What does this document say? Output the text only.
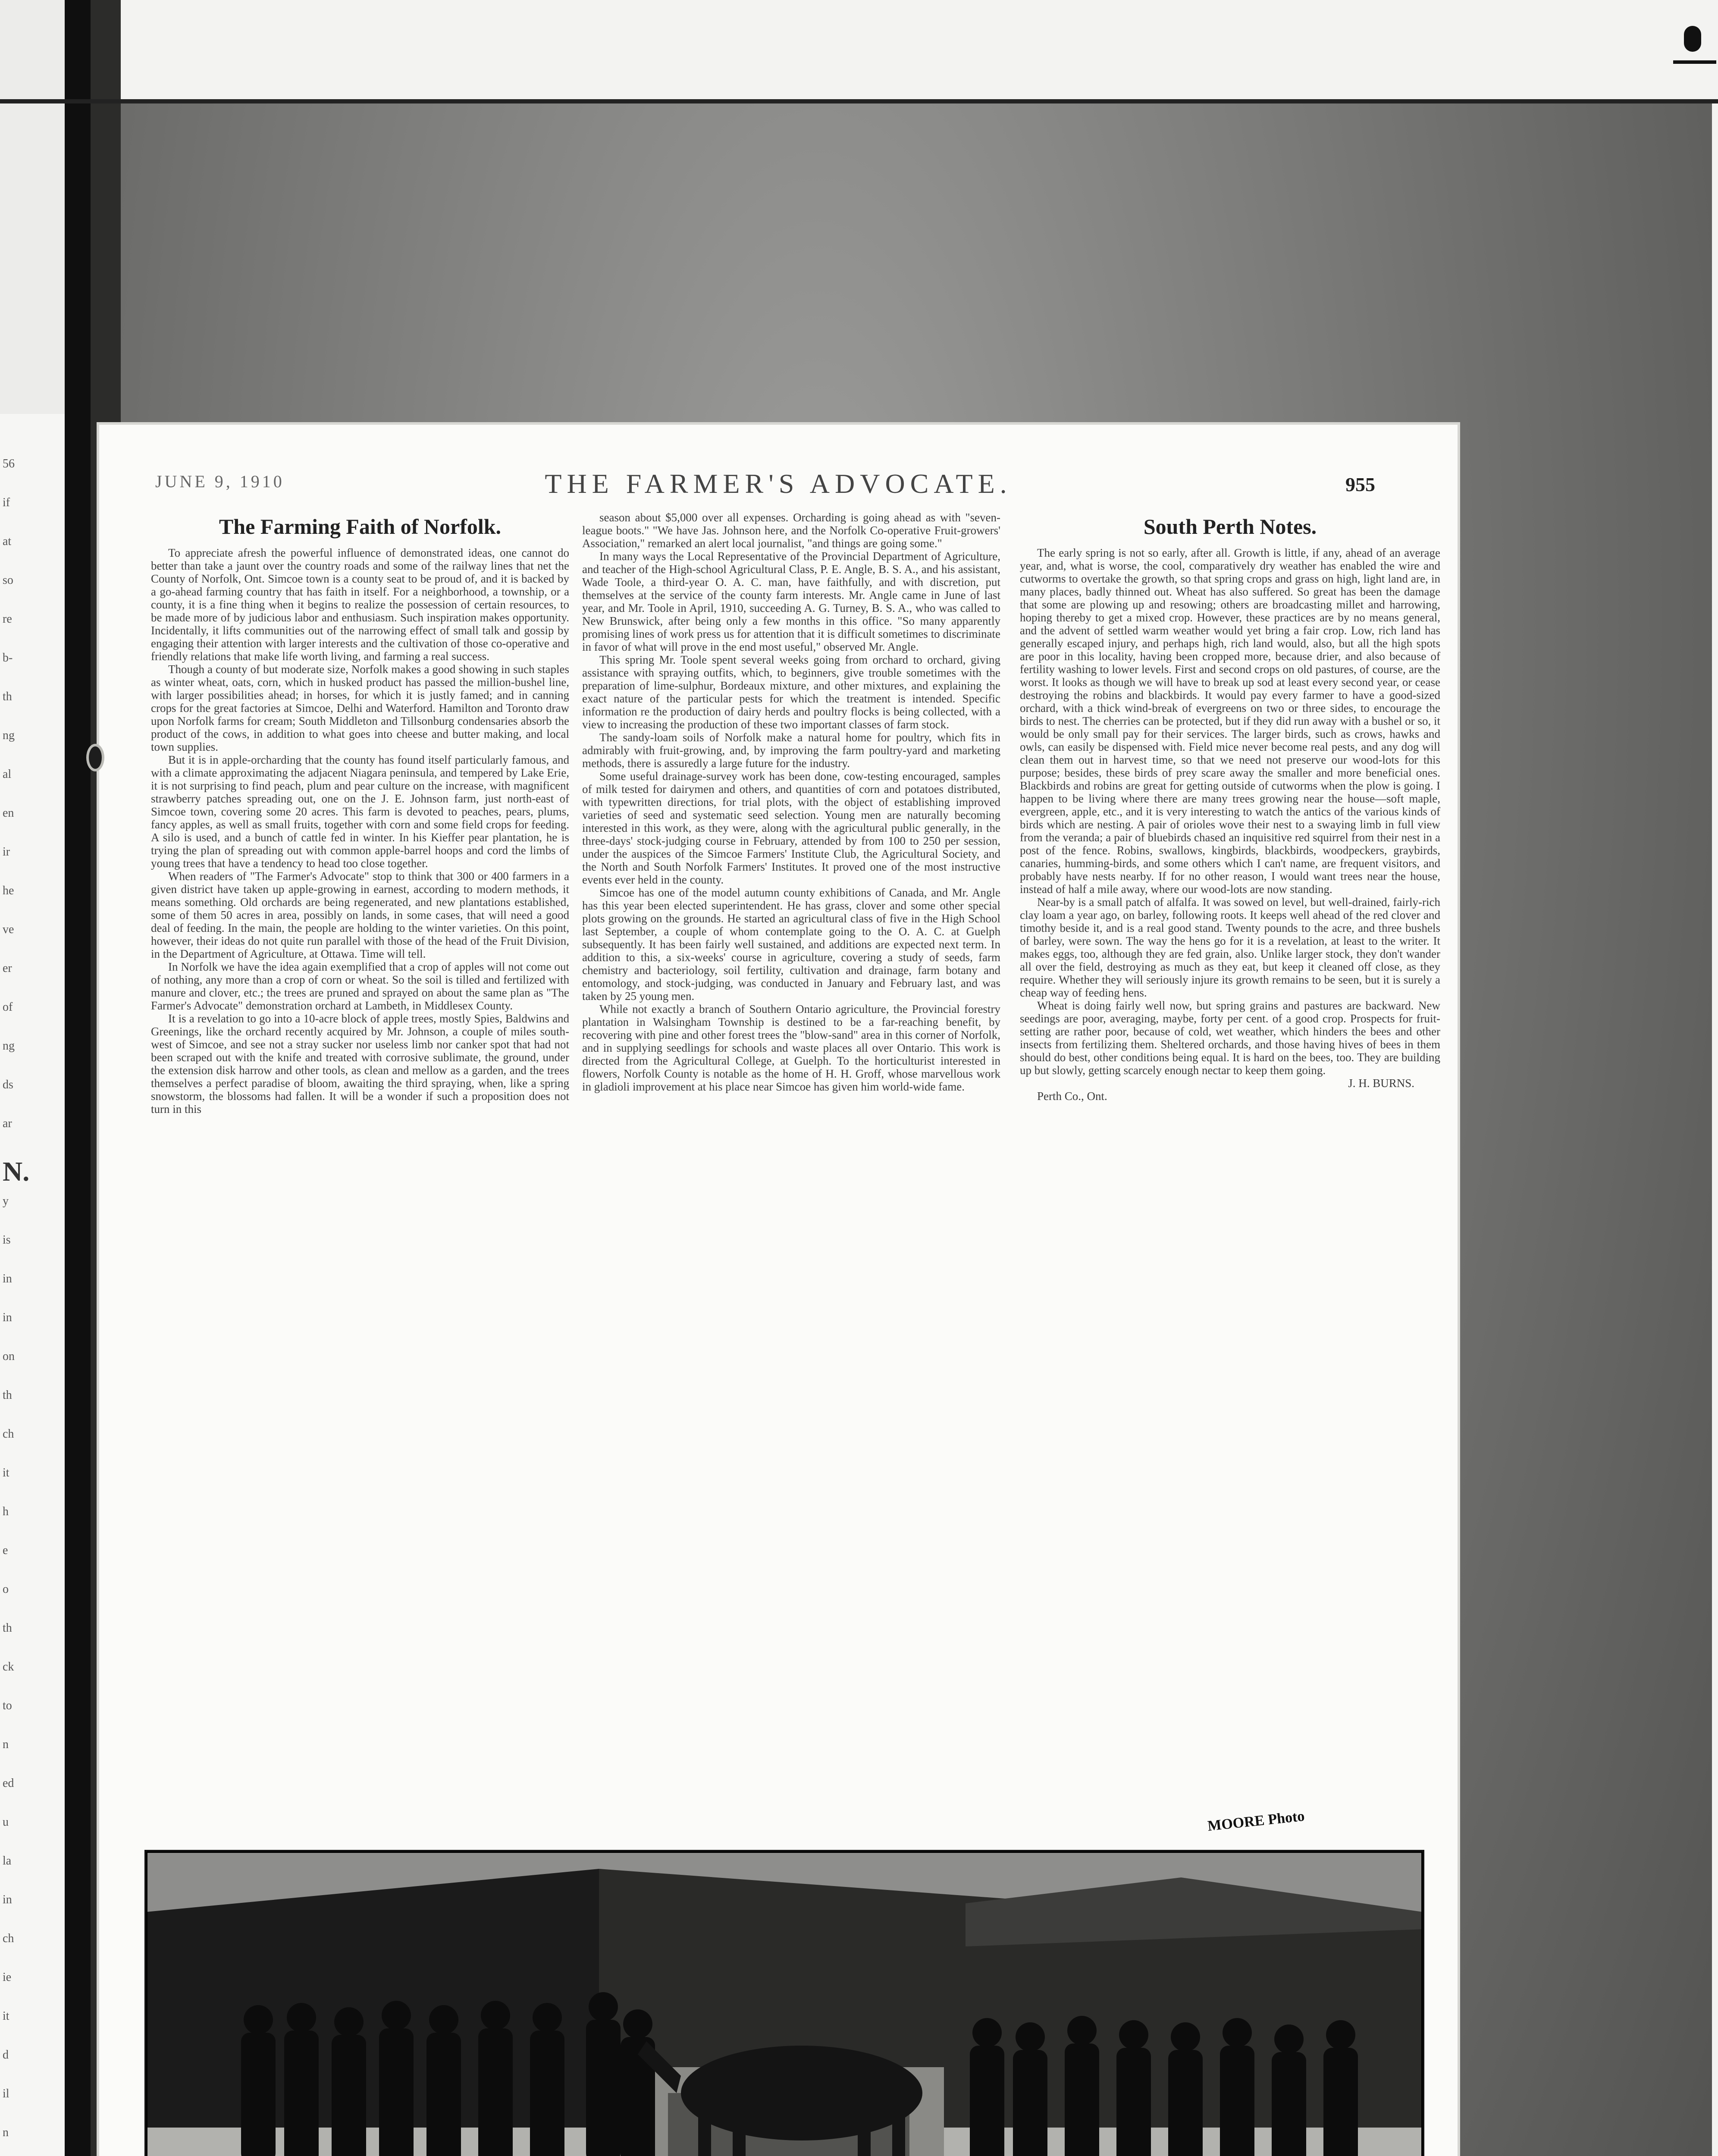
56
if
at
so
re
b-
th
ng
al
en
ir
he
ve
er
of
ng
ds
ar
N.
y
is
in
in
on
th
ch
it
h
e
o
th
ck
to
n
ed
u
la
in
ch
ie
it
d
il
n
JUNE 9, 1910	THE FARMER'S ADVOCATE.	955
The Farming Faith of Norfolk.

To appreciate afresh the powerful influence of demonstrated ideas, one cannot do better than take a jaunt over the country roads and some of the railway lines that net the County of Norfolk, Ont. Simcoe town is a county seat to be proud of, and it is backed by a go-ahead farming country that has faith in itself. For a neighborhood, a township, or a county, it is a fine thing when it begins to realize the possession of certain resources, to be made more of by judicious labor and enthusiasm. Such inspiration makes opportunity. Incidentally, it lifts communities out of the narrowing effect of small talk and gossip by engaging their attention with larger interests and the cultivation of those co-operative and friendly relations that make life worth living, and farming a real success.

Though a county of but moderate size, Norfolk makes a good showing in such staples as winter wheat, oats, corn, which in husked product has passed the million-bushel line, with larger possibilities ahead; in horses, for which it is justly famed; and in canning crops for the great factories at Simcoe, Delhi and Waterford. Hamilton and Toronto draw upon Norfolk farms for cream; South Middleton and Tillsonburg condensaries absorb the product of the cows, in addition to what goes into cheese and butter making, and local town supplies.

But it is in apple-orcharding that the county has found itself particularly famous, and with a climate approximating the adjacent Niagara peninsula, and tempered by Lake Erie, it is not surprising to find peach, plum and pear culture on the increase, with magnificent strawberry patches spreading out, one on the J. E. Johnson farm, just north-east of Simcoe town, covering some 20 acres. This farm is devoted to peaches, pears, plums, fancy apples, as well as small fruits, together with corn and some field crops for feeding. A silo is used, and a bunch of cattle fed in winter. In his Kieffer pear plantation, he is trying the plan of spreading out with common apple-barrel hoops and cord the limbs of young trees that have a tendency to head too close together.

When readers of "The Farmer's Advocate" stop to think that 300 or 400 farmers in a given district have taken up apple-growing in earnest, according to modern methods, it means something. Old orchards are being regenerated, and new plantations established, some of them 50 acres in area, possibly on lands, in some cases, that will need a good deal of feeding. In the main, the people are holding to the winter varieties. On this point, however, their ideas do not quite run parallel with those of the head of the Fruit Division, in the Department of Agriculture, at Ottawa. Time will tell.

In Norfolk we have the idea again exemplified that a crop of apples will not come out of nothing, any more than a crop of corn or wheat. So the soil is tilled and fertilized with manure and clover, etc.; the trees are pruned and sprayed on about the same plan as "The Farmer's Advocate" demonstration orchard at Lambeth, in Middlesex County.

It is a revelation to go into a 10-acre block of apple trees, mostly Spies, Baldwins and Greenings, like the orchard recently acquired by Mr. Johnson, a couple of miles south-west of Simcoe, and see not a stray sucker nor useless limb nor canker spot that had not been scraped out with the knife and treated with corrosive sublimate, the ground, under the extension disk harrow and other tools, as clean and mellow as a garden, and the trees themselves a perfect paradise of bloom, awaiting the third spraying, when, like a spring snowstorm, the blossoms had fallen. It will be a wonder if such a proposition does not turn in this

season about $5,000 over all expenses. Orcharding is going ahead as with "seven-league boots." "We have Jas. Johnson here, and the Norfolk Co-operative Fruit-growers' Association," remarked an alert local journalist, "and things are going some."

In many ways the Local Representative of the Provincial Department of Agriculture, and teacher of the High-school Agricultural Class, P. E. Angle, B. S. A., and his assistant, Wade Toole, a third-year O. A. C. man, have faithfully, and with discretion, put themselves at the service of the county farm interests. Mr. Angle came in June of last year, and Mr. Toole in April, 1910, succeeding A. G. Turney, B. S. A., who was called to New Brunswick, after being only a few months in this office. "So many apparently promising lines of work press us for attention that it is difficult sometimes to discriminate in favor of what will prove in the end most useful," observed Mr. Angle.

This spring Mr. Toole spent several weeks going from orchard to orchard, giving assistance with spraying outfits, which, to beginners, give trouble sometimes with the preparation of lime-sulphur, Bordeaux mixture, and other mixtures, and explaining the exact nature of the particular pests for which the treatment is intended. Specific information re the production of dairy herds and poultry flocks is being collected, with a view to increasing the production of these two important classes of farm stock.

The sandy-loam soils of Norfolk make a natural home for poultry, which fits in admirably with fruit-growing, and, by improving the farm poultry-yard and marketing methods, there is assuredly a large future for the industry.

Some useful drainage-survey work has been done, cow-testing encouraged, samples of milk tested for dairymen and others, and quantities of corn and potatoes distributed, with typewritten directions, for trial plots, with the object of establishing improved varieties of seed and systematic seed selection. Young men are naturally becoming interested in this work, as they were, along with the agricultural public generally, in the three-days' stock-judging course in February, attended by from 100 to 250 per session, under the auspices of the Simcoe Farmers' Institute Club, the Agricultural Society, and the North and South Norfolk Farmers' Institutes. It proved one of the most instructive events ever held in the county.

Simcoe has one of the model autumn county exhibitions of Canada, and Mr. Angle has this year been elected superintendent. He has grass, clover and some other special plots growing on the grounds. He started an agricultural class of five in the High School last September, a couple of whom contemplate going to the O. A. C. at Guelph subsequently. It has been fairly well sustained, and additions are expected next term. In addition to this, a six-weeks' course in agriculture, covering a study of seeds, farm chemistry and bacteriology, soil fertility, cultivation and drainage, farm botany and entomology, and stock-judging, was conducted in January and February last, and was taken by 25 young men.

While not exactly a branch of Southern Ontario agriculture, the Provincial forestry plantation in Walsingham Township is destined to be a far-reaching benefit, by recovering with pine and other forest trees the "blow-sand" area in this corner of Norfolk, and in supplying seedlings for schools and waste places all over Ontario. This work is directed from the Agricultural College, at Guelph. To the horticulturist interested in flowers, Norfolk County is notable as the home of H. H. Groff, whose marvellous work in gladioli improvement at his place near Simcoe has given him world-wide fame.

South Perth Notes.

The early spring is not so early, after all. Growth is little, if any, ahead of an average year, and, what is worse, the cool, comparatively dry weather has enabled the wire and cutworms to overtake the growth, so that spring crops and grass on high, light land are, in many places, badly thinned out. Wheat has also suffered. So great has been the damage that some are plowing up and resowing; others are broadcasting millet and harrowing, hoping thereby to get a mixed crop. However, these practices are by no means general, and the advent of settled warm weather would yet bring a fair crop. Low, rich land has generally escaped injury, and perhaps high, rich land would, also, but all the high spots are poor in this locality, having been cropped more, because drier, and also because of fertility washing to lower levels. First and second crops on old pastures, of course, are the worst. It looks as though we will have to break up sod at least every second year, or cease destroying the robins and blackbirds. It would pay every farmer to have a good-sized orchard, with a thick wind-break of evergreens on two or three sides, to encourage the birds to nest. The cherries can be protected, but if they did run away with a bushel or so, it would be only small pay for their services. The larger birds, such as crows, hawks and owls, can easily be dispensed with. Field mice never become real pests, and any dog will clean them out in harvest time, so that we need not preserve our wood-lots for this purpose; besides, these birds of prey scare away the smaller and more beneficial ones. Blackbirds and robins are great for getting outside of cutworms when the plow is going. I happen to be living where there are many trees growing near the house—soft maple, evergreen, apple, etc., and it is very interesting to watch the antics of the various kinds of birds which are nesting. A pair of orioles wove their nest to a swaying limb in full view from the veranda; a pair of bluebirds chased an inquisitive red squirrel from their nest in a post of the fence. Robins, swallows, kingbirds, blackbirds, woodpeckers, graybirds, canaries, humming-birds, and some others which I can't name, are frequent visitors, and probably have nests nearby. If for no other reason, I would want trees near the house, instead of half a mile away, where our wood-lots are now standing.

Near-by is a small patch of alfalfa. It was sowed on level, but well-drained, fairly-rich clay loam a year ago, on barley, following roots. It keeps well ahead of the red clover and timothy beside it, and is a real good stand. Twenty pounds to the acre, and three bushels of barley, were sown. The way the hens go for it is a revelation, at least to the writer. It makes eggs, too, although they are fed grain, also. Unlike larger stock, they don't wander all over the field, destroying as much as they eat, but keep it cleaned off close, as they require. Whether they will seriously injure its growth remains to be seen, but it is surely a cheap way of feeding hens.

Wheat is doing fairly well now, but spring grains and pastures are backward. New seedings are poor, averaging, maybe, forty per cent. of a good crop. Prospects for fruit-setting are rather poor, because of cold, wet weather, which hinders the bees and other insects from fertilizing them. Sheltered orchards, and those having hives of bees in them should do best, other conditions being equal. It is hard on the bees, too. They are building up but slowly, getting scarcely enough nectar to keep them going.

J. H. BURNS.

Perth Co., Ont.

MOORE Photo
